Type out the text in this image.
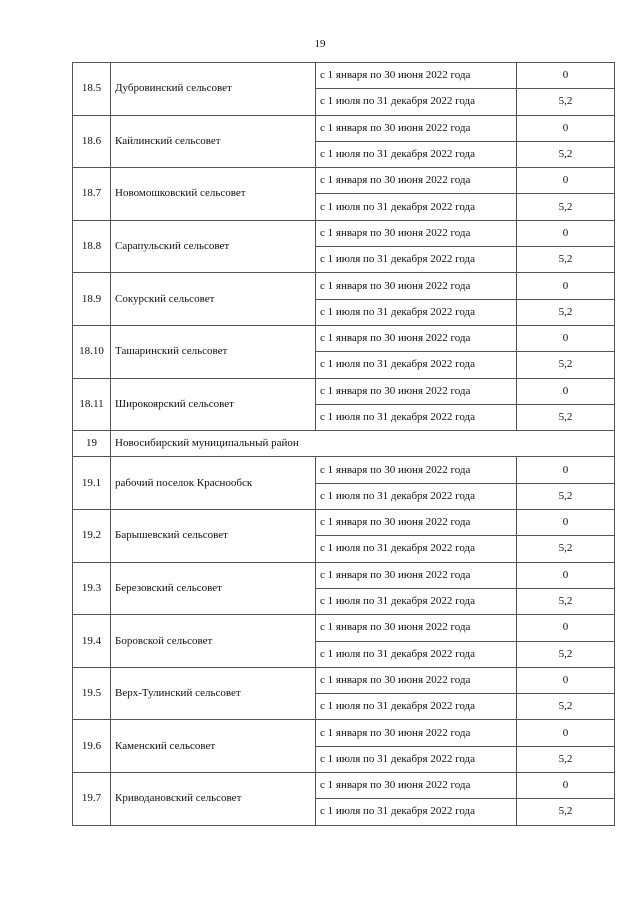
19
18.5	Дубровинский сельсовет	с 1 января по 30 июня 2022 года	0
		с 1 июля по 31 декабря 2022 года	5,2
18.6	Кайлинский сельсовет	с 1 января по 30 июня 2022 года	0
		с 1 июля по 31 декабря 2022 года	5,2
18.7	Новомошковский сельсовет	с 1 января по 30 июня 2022 года	0
		с 1 июля по 31 декабря 2022 года	5,2
18.8	Сарапульский сельсовет	с 1 января по 30 июня 2022 года	0
		с 1 июля по 31 декабря 2022 года	5,2
18.9	Сокурский сельсовет	с 1 января по 30 июня 2022 года	0
		с 1 июля по 31 декабря 2022 года	5,2
18.10	Ташаринский сельсовет	с 1 января по 30 июня 2022 года	0
		с 1 июля по 31 декабря 2022 года	5,2
18.11	Широкоярский сельсовет	с 1 января по 30 июня 2022 года	0
		с 1 июля по 31 декабря 2022 года	5,2
19	Новосибирский муниципальный район		
19.1	рабочий поселок Краснообск	с 1 января по 30 июня 2022 года	0
		с 1 июля по 31 декабря 2022 года	5,2
19.2	Барышевский сельсовет	с 1 января по 30 июня 2022 года	0
		с 1 июля по 31 декабря 2022 года	5,2
19.3	Березовский сельсовет	с 1 января по 30 июня 2022 года	0
		с 1 июля по 31 декабря 2022 года	5,2
19.4	Боровской сельсовет	с 1 января по 30 июня 2022 года	0
		с 1 июля по 31 декабря 2022 года	5,2
19.5	Верх-Тулинский сельсовет	с 1 января по 30 июня 2022 года	0
		с 1 июля по 31 декабря 2022 года	5,2
19.6	Каменский сельсовет	с 1 января по 30 июня 2022 года	0
		с 1 июля по 31 декабря 2022 года	5,2
19.7	Криводановский сельсовет	с 1 января по 30 июня 2022 года	0
		с 1 июля по 31 декабря 2022 года	5,2
